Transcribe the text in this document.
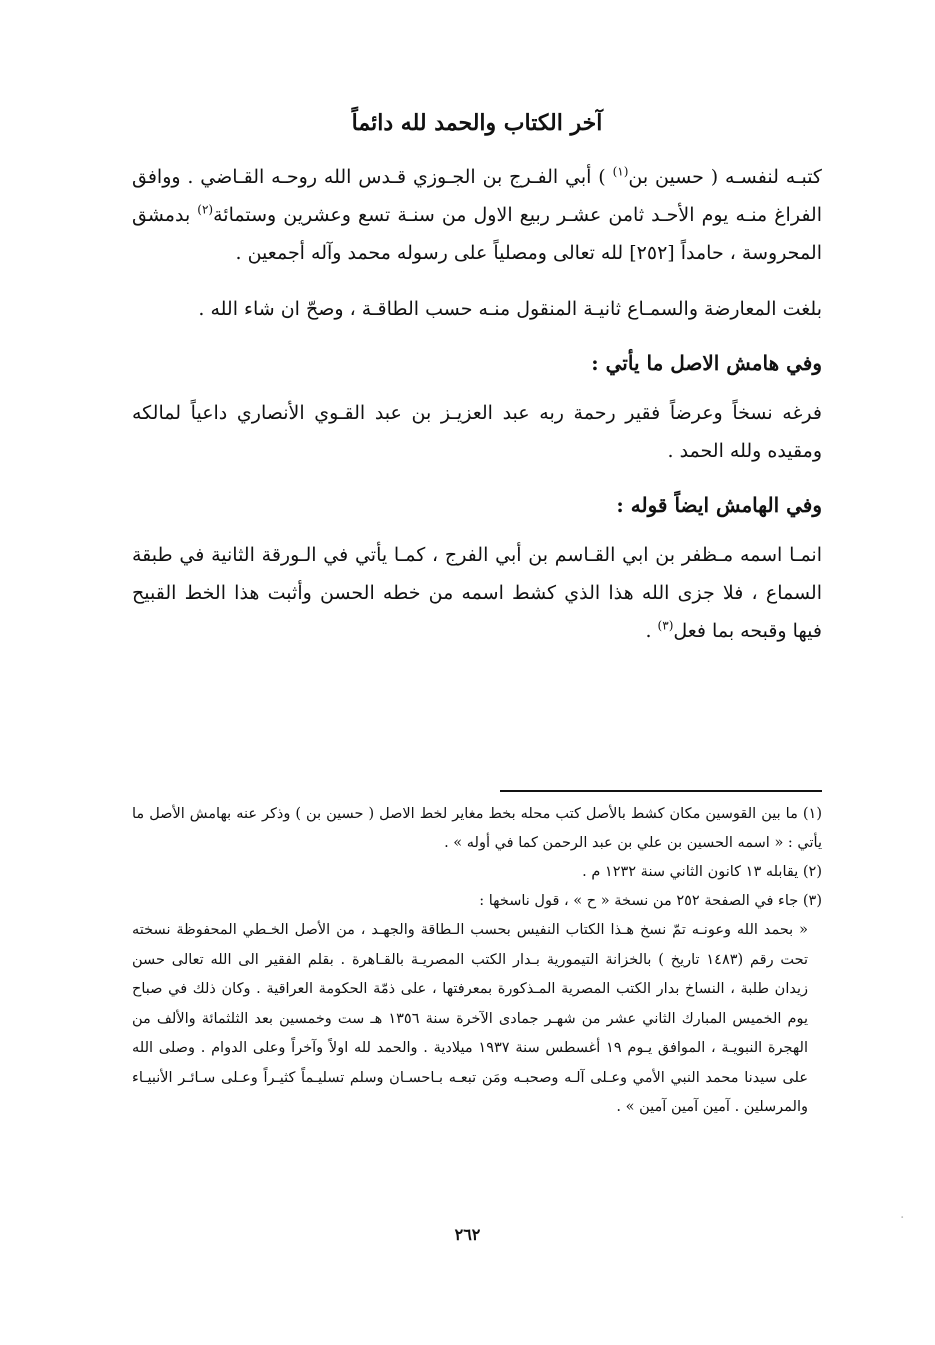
آخر الكتاب والحمد لله دائماً

كتبـه لنفسـه ( حسين بن$^{(١)}$ ) أبي الفـرج بن الجـوزي قـدس الله روحـه القـاضي . ووافق الفراغ منـه يوم الأحـد ثامن عشـر ربيع الاول من سنـة تسع وعشرين وستمائة$^{(٢)}$ بدمشق المحروسة ، حامداً [٢٥٢] لله تعالى ومصلياً على رسوله محمد وآله أجمعين .

بلغت المعارضة والسمـاع ثانيـة المنقول منـه حسب الطاقـة ، وصحّ ان شاء الله .

وفي هامش الاصل ما يأتي :

فرغه نسخاً وعرضاً فقير رحمة ربه عبد العزيـز بن عبد القـوي الأنصاري داعياً لمالكه ومقيده ولله الحمد .

وفي الهامش ايضاً قوله :

انمـا اسمه مـظفر بن ابي القـاسم بن أبي الفرج ، كمـا يأتي في الـورقة الثانية في طبقة السماع ، فلا جزى الله هذا الذي كشط اسمه من خطه الحسن وأثبت هذا الخط القبيح فيها وقبحه بما فعل$^{(٣)}$ .

(١) ما بين القوسين مكان كشط بالأصل كتب محله بخط مغاير لخط الاصل ( حسين بن ) وذكر عنه بهامش الأصل ما يأتي : « اسمه الحسين بن علي بن عبد الرحمن كما في أوله » .

(٢) يقابله ١٣ كانون الثاني سنة ١٢٣٢ م .

(٣) جاء في الصفحة ٢٥٢ من نسخة « ح » ، قول ناسخها :

« بحمد الله وعونـه تمّ نسخ هـذا الكتاب النفيس بحسب الـطاقة والجهـد ، من الأصل الخـطي المحفوظة نسخته تحت رقم (١٤٨٣ تاريخ ) بالخزانة التيمورية بـدار الكتب المصريـة بالقـاهرة . بقلم الفقير الى الله تعالى حسن زيدان طلبة ، النساخ بدار الكتب المصرية المـذكورة بمعرفتها ، على ذمّة الحكومة العراقية . وكان ذلك في صباح يوم الخميس المبارك الثاني عشر من شهـر جمادى الآخرة سنة ١٣٥٦ هـ ست وخمسين بعد الثلثمائة والألف من الهجرة النبويـة ، الموافق يـوم ١٩ أغسطس سنة ١٩٣٧ ميلادية . والحمد لله اولاً وآخراً وعلى الدوام . وصلى الله على سيدنا محمد النبي الأمي وعـلى آلـه وصحبـه ومَن تبعـه بـاحسـان وسلم تسليـماً كثيـراً وعـلى سـائـر الأنبيـاء والمرسلين . آمين آمين آمين » .

٢٦٢
·
